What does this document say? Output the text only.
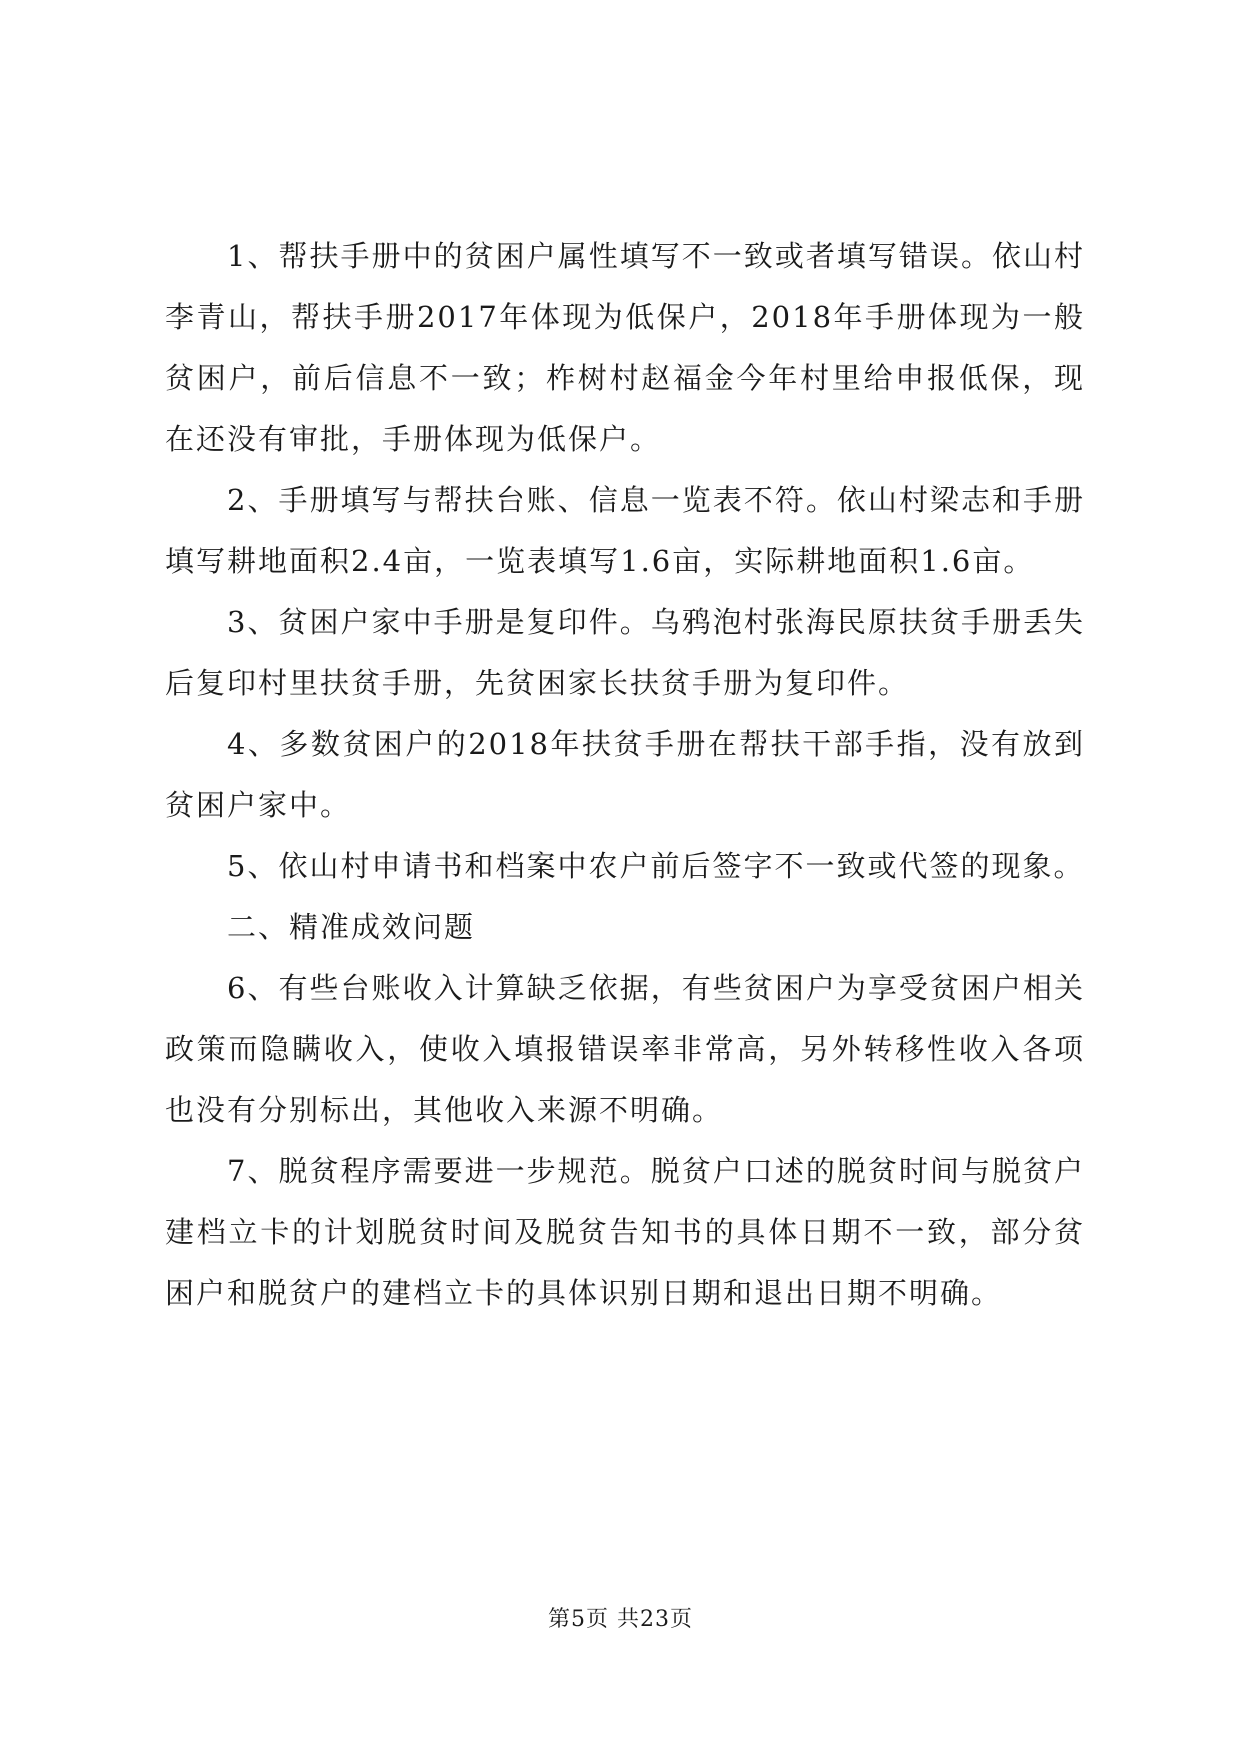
1、帮扶手册中的贫困户属性填写不一致或者填写错误。依山村李青山，帮扶手册2017年体现为低保户，2018年手册体现为一般贫困户，前后信息不一致；柞树村赵福金今年村里给申报低保，现在还没有审批，手册体现为低保户。

2、手册填写与帮扶台账、信息一览表不符。依山村梁志和手册填写耕地面积2.4亩，一览表填写1.6亩，实际耕地面积1.6亩。

3、贫困户家中手册是复印件。乌鸦泡村张海民原扶贫手册丢失后复印村里扶贫手册，先贫困家长扶贫手册为复印件。

4、多数贫困户的2018年扶贫手册在帮扶干部手指，没有放到贫困户家中。

5、依山村申请书和档案中农户前后签字不一致或代签的现象。

二、精准成效问题

6、有些台账收入计算缺乏依据，有些贫困户为享受贫困户相关政策而隐瞒收入，使收入填报错误率非常高，另外转移性收入各项也没有分别标出，其他收入来源不明确。

7、脱贫程序需要进一步规范。脱贫户口述的脱贫时间与脱贫户建档立卡的计划脱贫时间及脱贫告知书的具体日期不一致，部分贫困户和脱贫户的建档立卡的具体识别日期和退出日期不明确。

第5页 共23页
